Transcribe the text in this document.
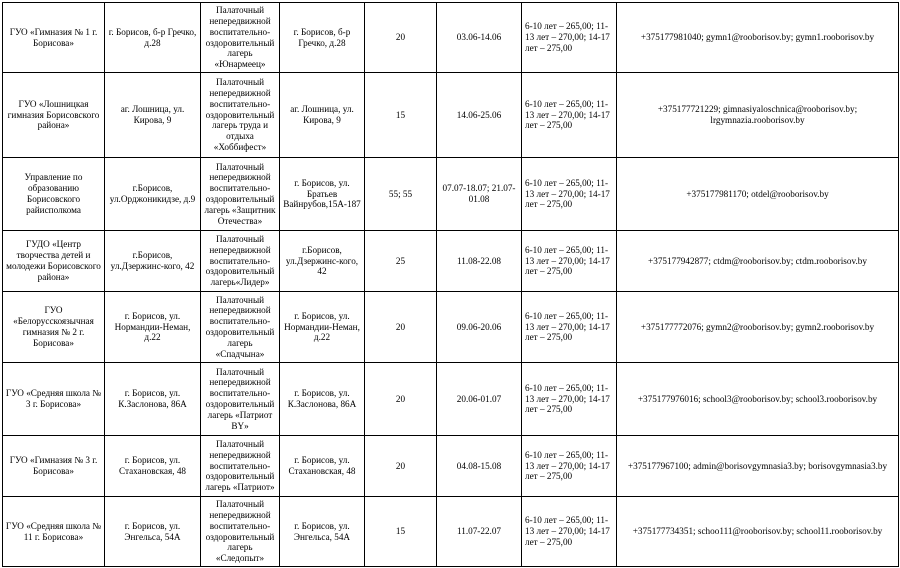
ГУО «Гимназия № 1 г. Борисова»	г. Борисов, б-р Гречко, д.28	Палаточный непередвижной воспитательно-оздоровительный лагерь «Юнармеец»	г. Борисов, б-р Гречко, д.28	20	03.06-14.06	6-10 лет – 265,00; 11-13 лет – 270,00; 14-17 лет – 275,00	+375177981040; gymn1@rooborisov.by; gymn1.rooborisov.by
ГУО «Лошницкая гимназия Борисовского района»	аг. Лошница, ул. Кирова, 9	Палаточный непередвижной воспитательно-оздоровительный лагерь труда и отдыха «Хоббифест»	аг. Лошница, ул. Кирова, 9	15	14.06-25.06	6-10 лет – 265,00; 11-13 лет – 270,00; 14-17 лет – 275,00	+375177721229; gimnasiyaloschnica@rooborisov.by; lrgymnazia.rooborisov.by
Управление по образованию Борисовского райисполкома	г.Борисов, ул.Орджоникидзе, д.9	Палаточный непередвижной воспитательно-оздоровительный лагерь «Защитник Отечества»	г. Борисов, ул. Братьев Вайнрубов,15А-187	55; 55	07.07-18.07; 21.07-01.08	6-10 лет – 265,00; 11-13 лет – 270,00; 14-17 лет – 275,00	+375177981170; otdel@rooborisov.by
ГУДО «Центр творчества детей и молодежи Борисовского района»	г.Борисов, ул.Дзержинс-кого, 42	Палаточный непередвижной воспитательно-оздоровительный лагерь«Лидер»	г.Борисов, ул.Дзержинс-кого, 42	25	11.08-22.08	6-10 лет – 265,00; 11-13 лет – 270,00; 14-17 лет – 275,00	+375177942877; ctdm@rooborisov.by; ctdm.rooborisov.by
ГУО «Белорусскоязычная гимназия № 2 г. Борисова»	г. Борисов, ул. Нормандии-Неман, д.22	Палаточный непередвижной воспитательно-оздоровительный лагерь «Спадчына»	г. Борисов, ул. Нормандии-Неман, д.22	20	09.06-20.06	6-10 лет – 265,00; 11-13 лет – 270,00; 14-17 лет – 275,00	+375177772076; gymn2@rooborisov.by; gymn2.rooborisov.by
ГУО «Средняя школа № 3 г. Борисова»	г. Борисов, ул. К.Заслонова, 86А	Палаточный непередвижной воспитательно-оздоровительный лагерь «Патриот BY»	г. Борисов, ул. К.Заслонова, 86А	20	20.06-01.07	6-10 лет – 265,00; 11-13 лет – 270,00; 14-17 лет – 275,00	+375177976016; school3@rooborisov.by; school3.rooborisov.by
ГУО «Гимназия № 3 г. Борисова»	г. Борисов, ул. Стахановская, 48	Палаточный непередвижной воспитательно-оздоровительный лагерь «Патриот»	г. Борисов, ул. Стахановская, 48	20	04.08-15.08	6-10 лет – 265,00; 11-13 лет – 270,00; 14-17 лет – 275,00	+375177967100; admin@borisovgymnasia3.by; borisovgymnasia3.by
ГУО «Средняя школа № 11 г. Борисова»	г. Борисов, ул. Энгельса, 54А	Палаточный непередвижной воспитательно-оздоровительный лагерь «Следопыт»	г. Борисов, ул. Энгельса, 54А	15	11.07-22.07	6-10 лет – 265,00; 11-13 лет – 270,00; 14-17 лет – 275,00	+375177734351; schoo111@rooborisov.by; school11.rooborisov.by
